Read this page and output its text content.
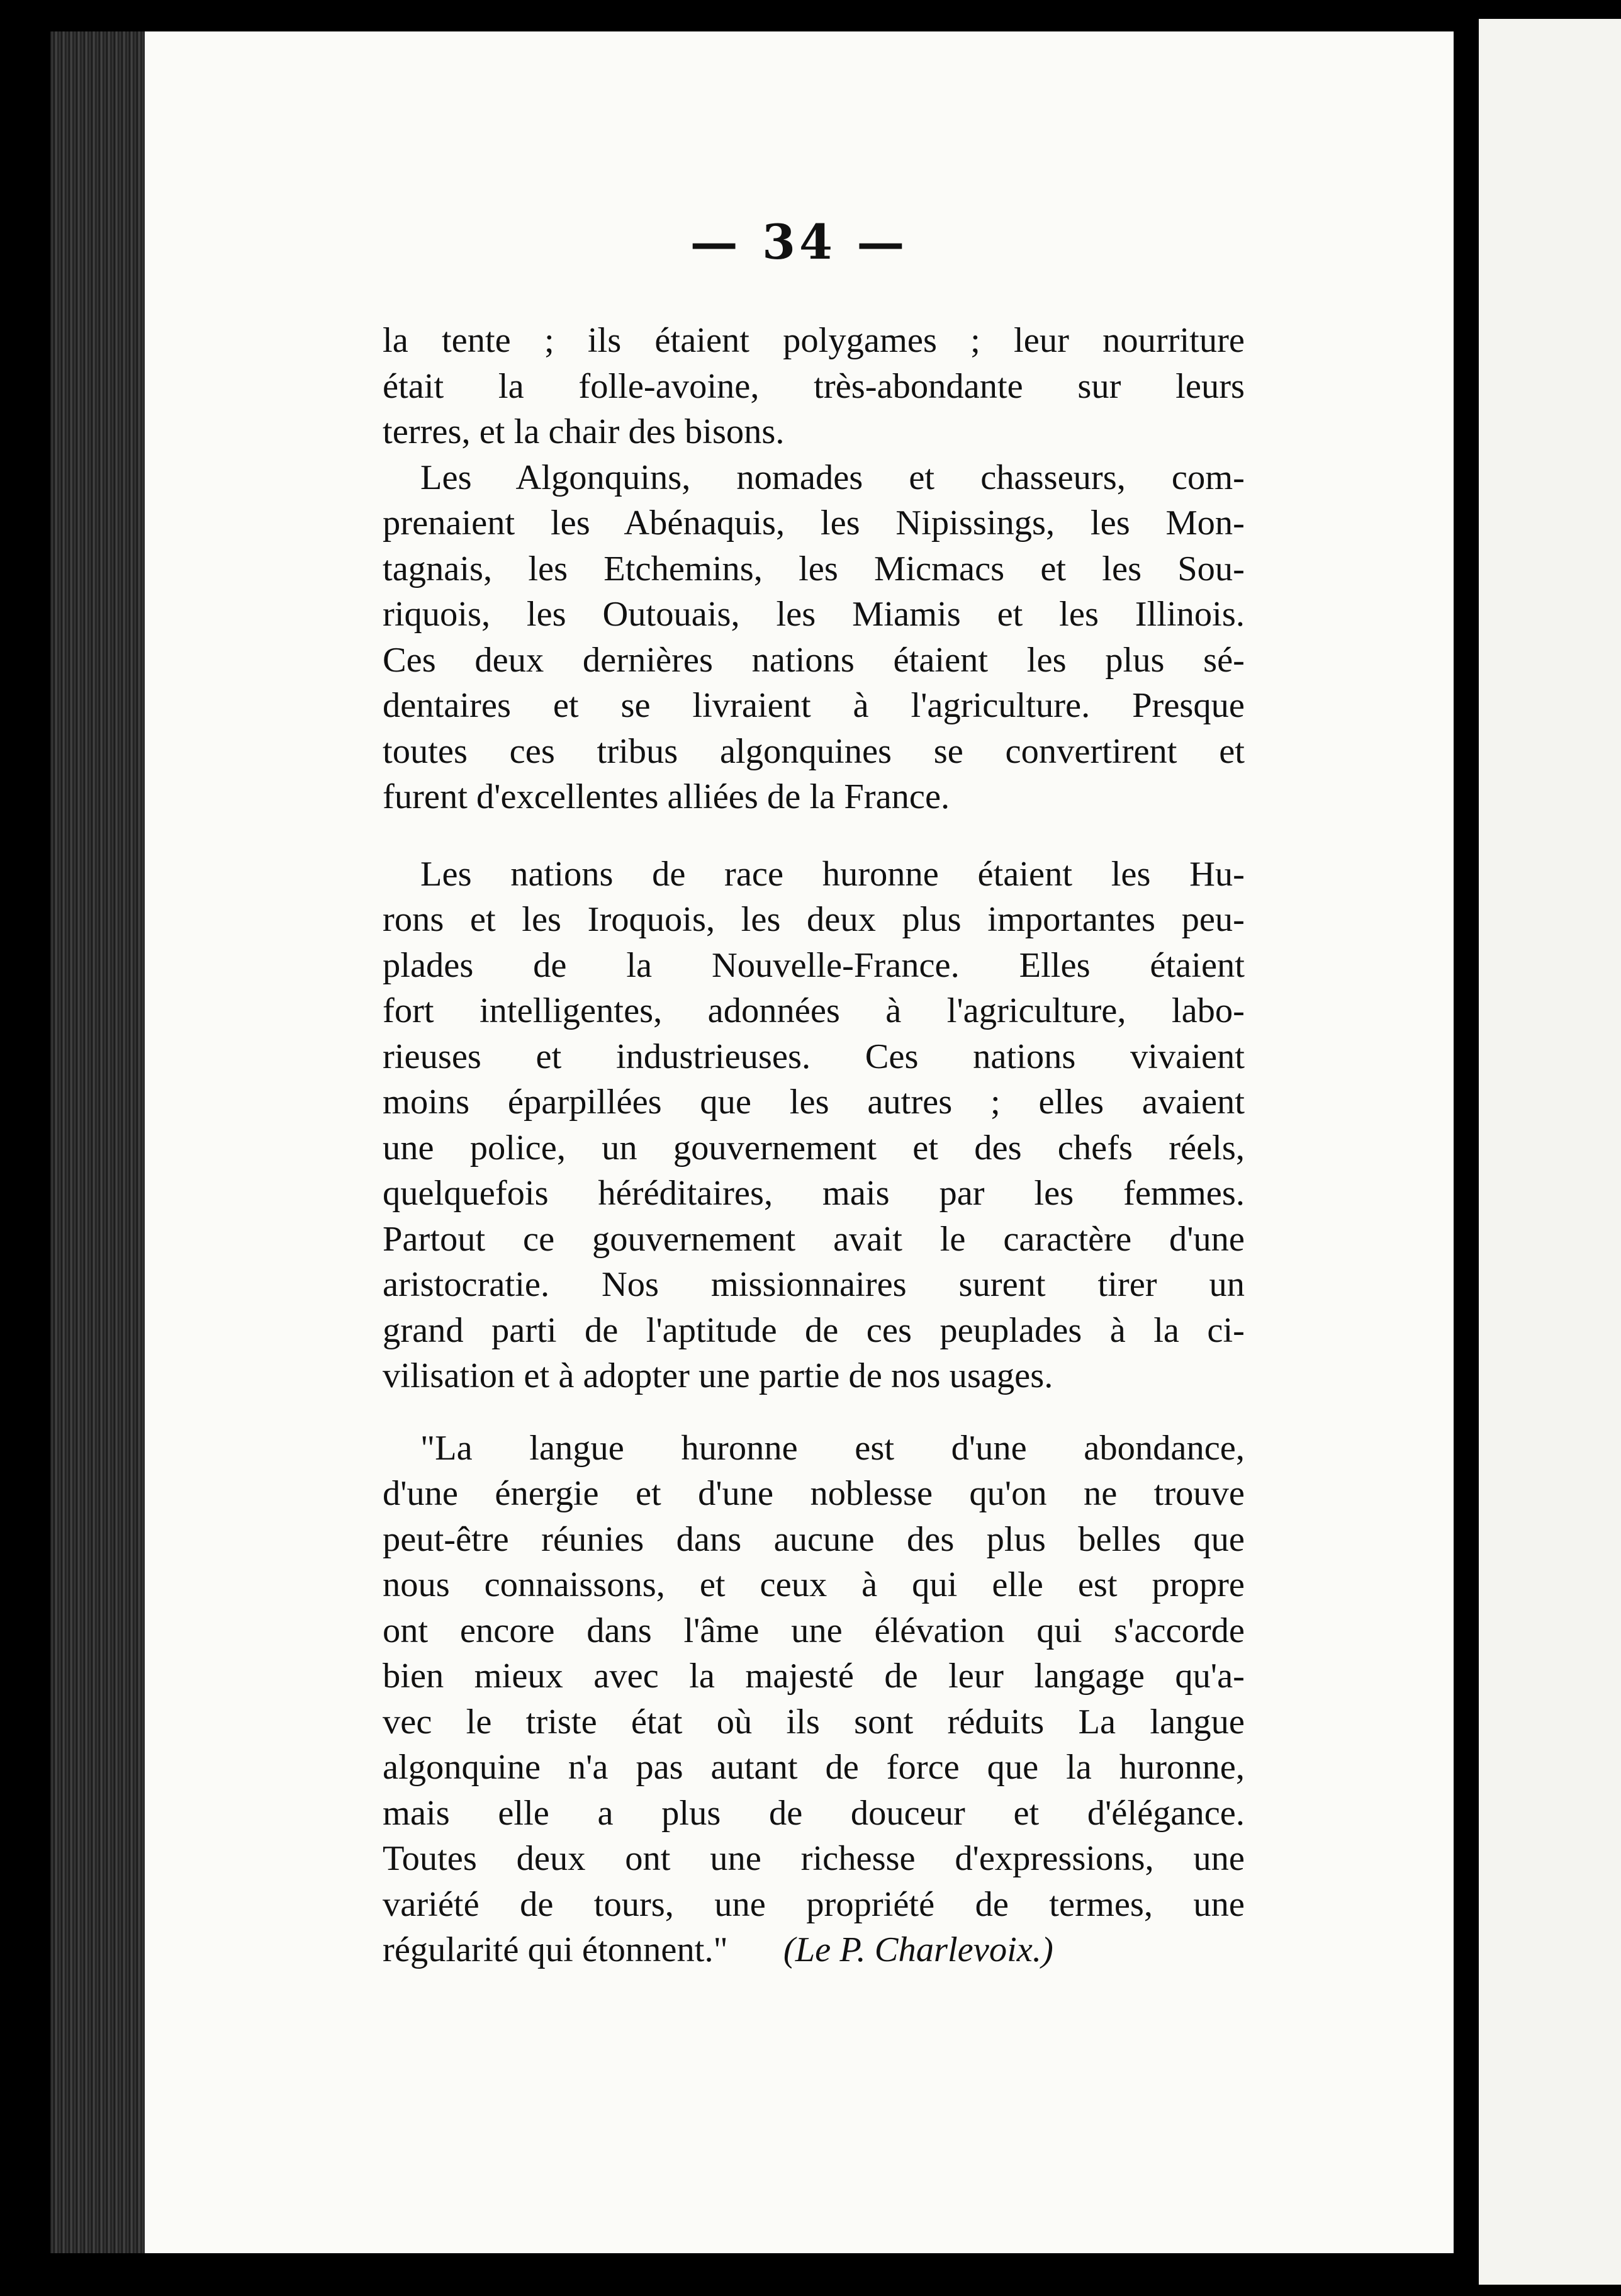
— 34 —

la tente ; ils étaient polygames ; leur nourriture
était la folle-avoine, très-abondante sur leurs
terres, et la chair des bisons.

Les Algonquins, nomades et chasseurs, com-
prenaient les Abénaquis, les Nipissings, les Mon-
tagnais, les Etchemins, les Micmacs et les Sou-
riquois, les Outouais, les Miamis et les Illinois.
Ces deux dernières nations étaient les plus sé-
dentaires et se livraient à l'agriculture. Presque
toutes ces tribus algonquines se convertirent et
furent d'excellentes alliées de la France.

Les nations de race huronne étaient les Hu-
rons et les Iroquois, les deux plus importantes peu-
plades de la Nouvelle-France. Elles étaient
fort intelligentes, adonnées à l'agriculture, labo-
rieuses et industrieuses. Ces nations vivaient
moins éparpillées que les autres ; elles avaient
une police, un gouvernement et des chefs réels,
quelquefois héréditaires, mais par les femmes.
Partout ce gouvernement avait le caractère d'une
aristocratie. Nos missionnaires surent tirer un
grand parti de l'aptitude de ces peuplades à la ci-
vilisation et à adopter une partie de nos usages.

"La langue huronne est d'une abondance,
d'une énergie et d'une noblesse qu'on ne trouve
peut-être réunies dans aucune des plus belles que
nous connaissons, et ceux à qui elle est propre
ont encore dans l'âme une élévation qui s'accorde
bien mieux avec la majesté de leur langage qu'a-
vec le triste état où ils sont réduits La langue
algonquine n'a pas autant de force que la huronne,
mais elle a plus de douceur et d'élégance.
Toutes deux ont une richesse d'expressions, une
variété de tours, une propriété de termes, une
régularité qui étonnent." (Le P. Charlevoix.)
